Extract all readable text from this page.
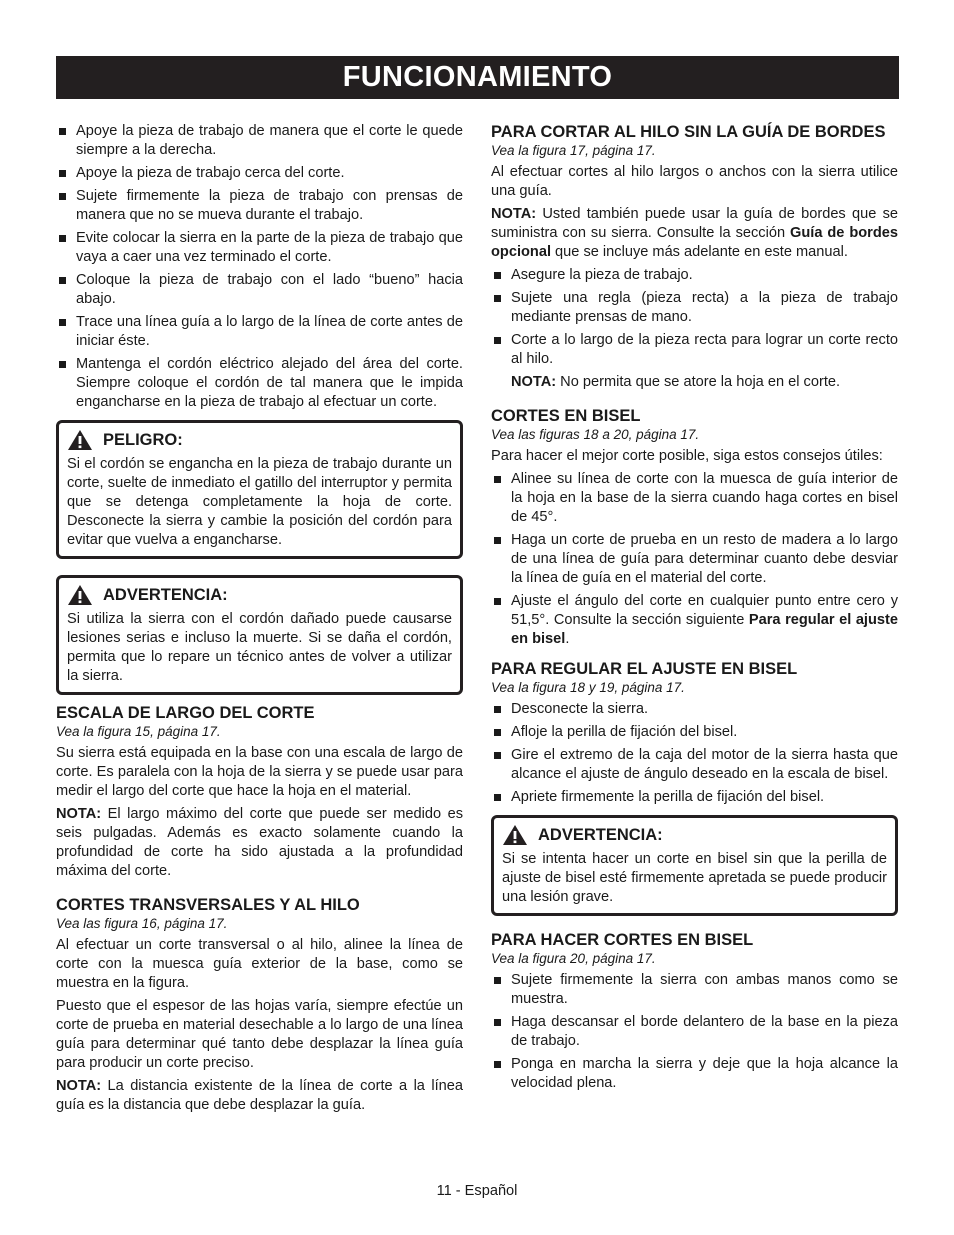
FUNCIONAMIENTO
Apoye la pieza de trabajo de manera que el corte le quede siempre a la derecha.
Apoye la pieza de trabajo cerca del corte.
Sujete firmemente la pieza de trabajo con prensas de manera que no se mueva durante el trabajo.
Evite colocar la sierra en la parte de la pieza de trabajo que vaya a caer una vez terminado el corte.
Coloque la pieza de trabajo con el lado “bueno” hacia abajo.
Trace una línea guía a lo largo de la línea de corte antes de iniciar éste.
Mantenga el cordón eléctrico alejado del área del corte. Siempre coloque el cordón de tal manera que le impida engancharse en la pieza de trabajo al efectuar un corte.
PELIGRO:

Si el cordón se engancha en la pieza de trabajo durante un corte, suelte de inmediato el gatillo del interruptor y permita que se detenga completamente la hoja de corte. Desconecte la sierra y cambie la posición del cordón para evitar que vuelva a engancharse.

ADVERTENCIA:

Si utiliza la sierra con el cordón dañado puede causarse lesiones serias e incluso la muerte. Si se daña el cordón, permita que lo repare un técnico antes de volver a utilizar la sierra.

ESCALA DE LARGO DEL CORTE
Vea la figura 15, página 17.

Su sierra está equipada en la base con una escala de largo de corte. Es paralela con la hoja de la sierra y se puede usar para medir el largo del corte que hace la hoja en el material.

NOTA: El largo máximo del corte que puede ser medido es seis pulgadas. Además es exacto solamente cuando la profundidad de corte ha sido ajustada a la profundidad máxima del corte.

CORTES TRANSVERSALES Y AL HILO
Vea las figura 16, página 17.

Al efectuar un corte transversal o al hilo, alinee la línea de corte con la muesca guía exterior de la base, como se muestra en la figura.

Puesto que el espesor de las hojas varía, siempre efectúe un corte de prueba en material desechable a lo largo de una línea guía para determinar qué tanto debe desplazar la línea guía para producir un corte preciso.

NOTA: La distancia existente de la línea de corte a la línea guía es la distancia que debe desplazar la guía.

PARA CORTAR AL HILO SIN LA GUÍA DE BORDES
Vea la figura 17, página 17.

Al efectuar cortes al hilo largos o anchos con la sierra utilice una guía.

NOTA: Usted también puede usar la guía de bordes que se suministra con su sierra. Consulte la sección Guía de bordes opcional que se incluye más adelante en este manual.

Asegure la pieza de trabajo.
Sujete una regla (pieza recta) a la pieza de trabajo mediante prensas de mano.
Corte a lo largo de la pieza recta para lograr un corte recto al hilo.

NOTA: No permita que se atore la hoja en el corte.

CORTES EN BISEL
Vea las figuras 18 a 20, página 17.

Para hacer el mejor corte posible, siga estos consejos útiles:

Alinee su línea de corte con la muesca de guía interior de la hoja en la base de la sierra cuando haga cortes en bisel de 45°.
Haga un corte de prueba en un resto de madera a lo largo de una línea de guía para determinar cuanto debe desviar la línea de guía en el material del corte.
Ajuste el ángulo del corte en cualquier punto entre cero y 51,5°. Consulte la sección siguiente Para regular el ajuste en bisel.
PARA REGULAR EL AJUSTE EN BISEL
Vea la figura 18 y 19, página 17.
Desconecte la sierra.
Afloje la perilla de fijación del bisel.
Gire el extremo de la caja del motor de la sierra hasta que alcance el ajuste de ángulo deseado en la escala de bisel.
Apriete firmemente la perilla de fijación del bisel.
ADVERTENCIA:

Si se intenta hacer un corte en bisel sin que la perilla de ajuste de bisel esté firmemente apretada se puede producir una lesión grave.

PARA HACER CORTES EN BISEL
Vea la figura 20, página 17.
Sujete firmemente la sierra con ambas manos como se muestra.
Haga descansar el borde delantero de la base en la pieza de trabajo.
Ponga en marcha la sierra y deje que la hoja alcance la velocidad plena.
11 - Español
